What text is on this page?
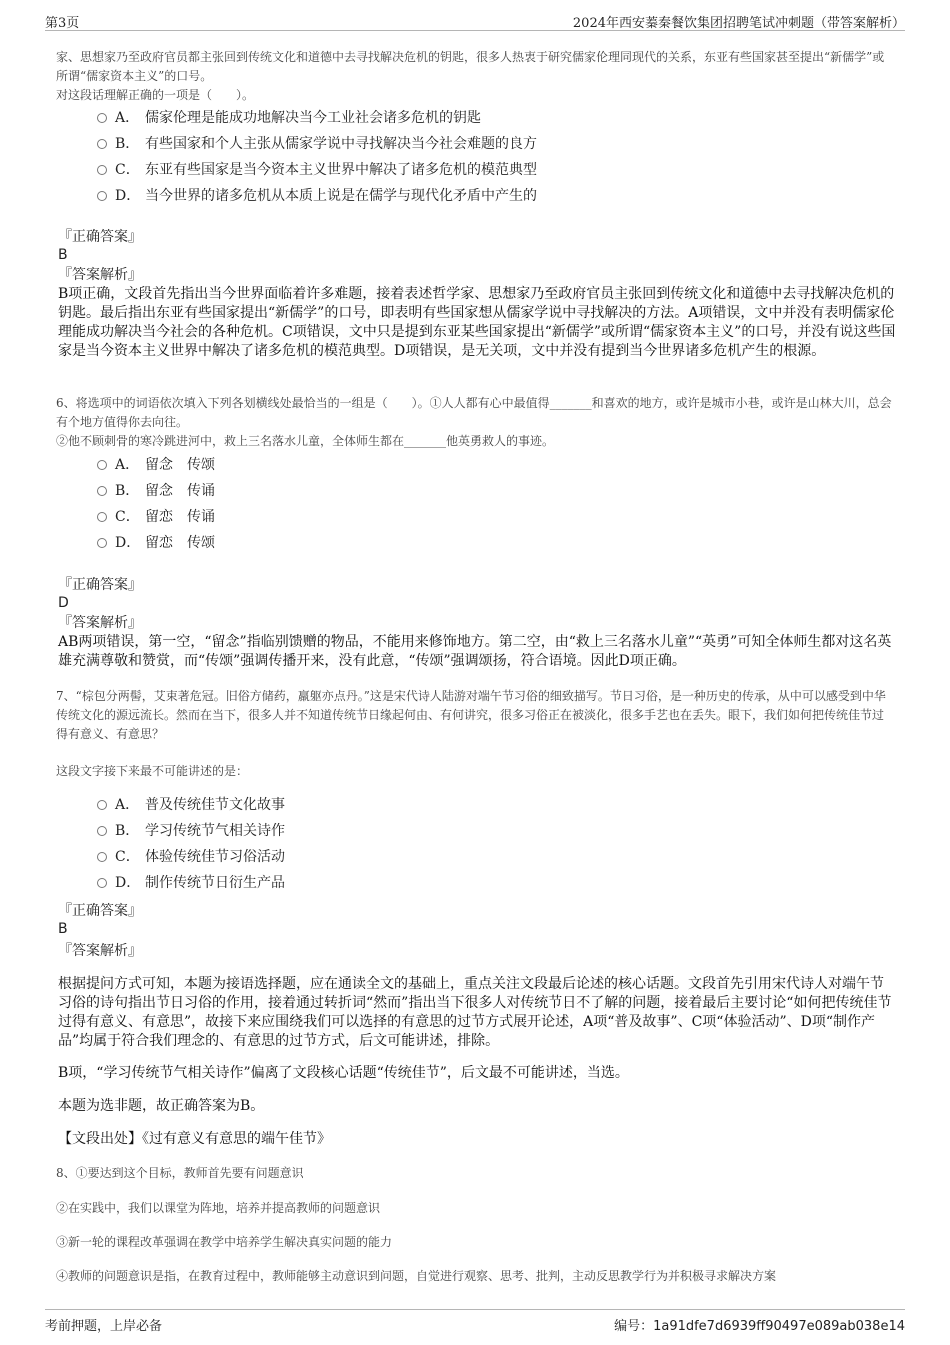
第3页	2024年西安蓁秦餐饮集团招聘笔试冲刺题（带答案解析）
家、思想家乃至政府官员都主张回到传统文化和道德中去寻找解决危机的钥匙，很多人热衷于研究儒家伦理同现代的关系，东亚有些国家甚至提出“新儒学”或所谓“儒家资本主义”的口号。
对这段话理解正确的一项是（　　）。
A． 儒家伦理是能成功地解决当今工业社会诸多危机的钥匙
B． 有些国家和个人主张从儒家学说中寻找解决当今社会难题的良方
C． 东亚有些国家是当今资本主义世界中解决了诸多危机的模范典型
D． 当今世界的诸多危机从本质上说是在儒学与现代化矛盾中产生的
『正确答案』
B
『答案解析』
B项正确，文段首先指出当今世界面临着许多难题，接着表述哲学家、思想家乃至政府官员主张回到传统文化和道德中去寻找解决危机的钥匙。最后指出东亚有些国家提出“新儒学”的口号，即表明有些国家想从儒家学说中寻找解决的方法。A项错误，文中并没有表明儒家伦理能成功解决当今社会的各种危机。C项错误，文中只是提到东亚某些国家提出“新儒学”或所谓“儒家资本主义”的口号，并没有说这些国家是当今资本主义世界中解决了诸多危机的模范典型。D项错误，是无关项，文中并没有提到当今世界诸多危机产生的根源。
6、将选项中的词语依次填入下列各划横线处最恰当的一组是（　　）。①人人都有心中最值得_______和喜欢的地方，或许是城市小巷，或许是山林大川，总会有个地方值得你去向往。
②他不顾刺骨的寒冷跳进河中，救上三名落水儿童，全体师生都在_______他英勇救人的事迹。
A． 留念 传颂
B． 留念 传诵
C． 留恋 传诵
D． 留恋 传颂
『正确答案』
D
『答案解析』
AB两项错误，第一空，“留念”指临别馈赠的物品，不能用来修饰地方。第二空，由“救上三名落水儿童”“英勇”可知全体师生都对这名英雄充满尊敬和赞赏，而“传颂”强调传播开来，没有此意，“传颂”强调颂扬，符合语境。因此D项正确。
7、“棕包分两髻，艾束著危冠。旧俗方储药，羸躯亦点丹。”这是宋代诗人陆游对端午节习俗的细致描写。节日习俗，是一种历史的传承，从中可以感受到中华传统文化的源远流长。然而在当下，很多人并不知道传统节日缘起何由、有何讲究，很多习俗正在被淡化，很多手艺也在丢失。眼下，我们如何把传统佳节过得有意义、有意思？
这段文字接下来最不可能讲述的是：
A． 普及传统佳节文化故事
B． 学习传统节气相关诗作
C． 体验传统佳节习俗活动
D． 制作传统节日衍生产品
『正确答案』
B
『答案解析』
根据提问方式可知，本题为接语选择题，应在通读全文的基础上，重点关注文段最后论述的核心话题。文段首先引用宋代诗人对端午节习俗的诗句指出节日习俗的作用，接着通过转折词“然而”指出当下很多人对传统节日不了解的问题，接着最后主要讨论“如何把传统佳节过得有意义、有意思”，故接下来应围绕我们可以选择的有意思的过节方式展开论述，A项“普及故事”、C项“体验活动”、D项“制作产品”均属于符合我们理念的、有意思的过节方式，后文可能讲述，排除。
B项，“学习传统节气相关诗作”偏离了文段核心话题“传统佳节”，后文最不可能讲述，当选。
本题为选非题，故正确答案为B。
【文段出处】《过有意义有意思的端午佳节》
8、①要达到这个目标，教师首先要有问题意识
②在实践中，我们以课堂为阵地，培养并提高教师的问题意识
③新一轮的课程改革强调在教学中培养学生解决真实问题的能力
④教师的问题意识是指，在教育过程中，教师能够主动意识到问题，自觉进行观察、思考、批判，主动反思教学行为并积极寻求解决方案
考前押题，上岸必备	编号：1a91dfe7d6939ff90497e089ab038e14
